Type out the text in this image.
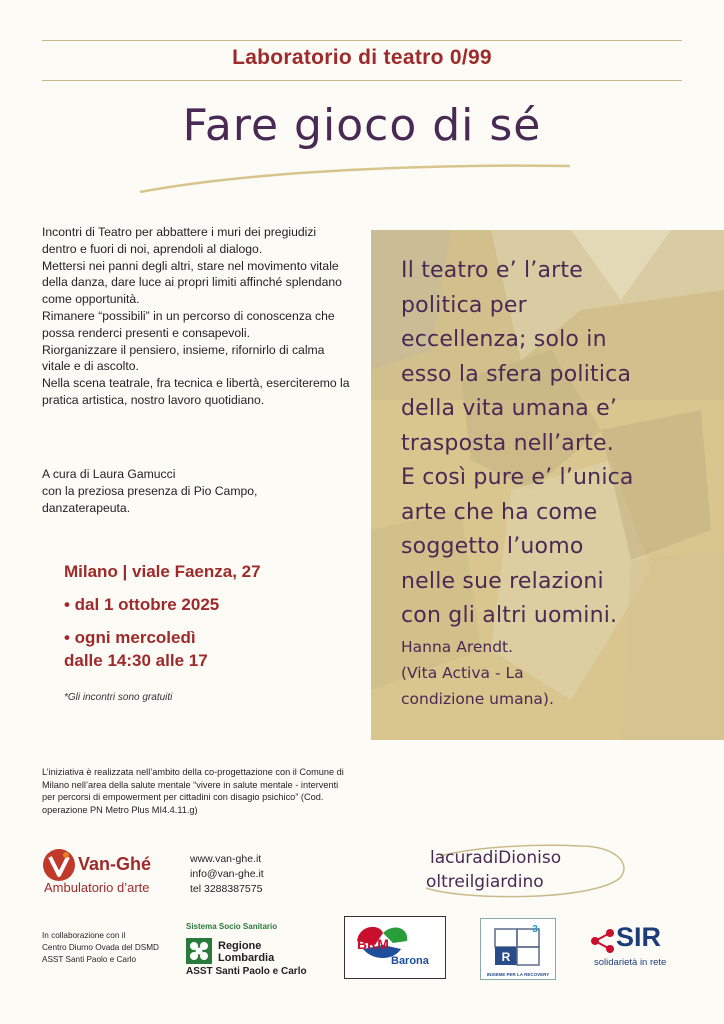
Laboratorio di teatro 0/99
Fare gioco di sé

Incontri di Teatro per abbattere i muri dei pregiudizi dentro e fuori di noi, aprendoli al dialogo.

Mettersi nei panni degli altri, stare nel movimento vitale della danza, dare luce ai propri limiti affinché splendano come opportunità.

Rimanere “possibili” in un percorso di conoscenza che possa renderci presenti e consapevoli.

Riorganizzare il pensiero, insieme, rifornirlo di calma vitale e di ascolto.

Nella scena teatrale, fra tecnica e libertà, eserciteremo la pratica artistica, nostro lavoro quotidiano.

A cura di Laura Gamucci
con la preziosa presenza di Pio Campo,
danzaterapeuta.
Milano | viale Faenza, 27
• dal 1 ottobre 2025
• ogni mercoledì
dalle 14:30 alle 17
*Gli incontri sono gratuiti
Il teatro e’ l’arte
politica per
eccellenza; solo in
esso la sfera politica
della vita umana e’
trasposta nell’arte.
E così pure e’ l’unica
arte che ha come
soggetto l’uomo
nelle sue relazioni
con gli altri uomini.
Hanna Arendt.
(Vita Activa - La
condizione umana).
L’iniziativa è realizzata nell’ambito della co-progettazione con il Comune di Milano nell’area della salute mentale “vivere in salute mentale - interventi per percorsi di empowerment per cittadini con disagio psichico” (Cod. operazione PN Metro Plus MI4.4.11.g)
Van-Ghé
Ambulatorio d’arte
www.van-ghe.it
info@van-ghe.it
tel 3288387575
lacuradiDioniso
oltreilgiardino
In collaborazione con il
Centro Diurno Ovada del DSMD
ASST Santi Paolo e Carlo
Sistema Socio Sanitario
Regione
Lombardia
ASST Santi Paolo e Carlo
BKM
Barona	R
3
INSIEME PER LA RECOVERY
SIR
solidarietà in rete
